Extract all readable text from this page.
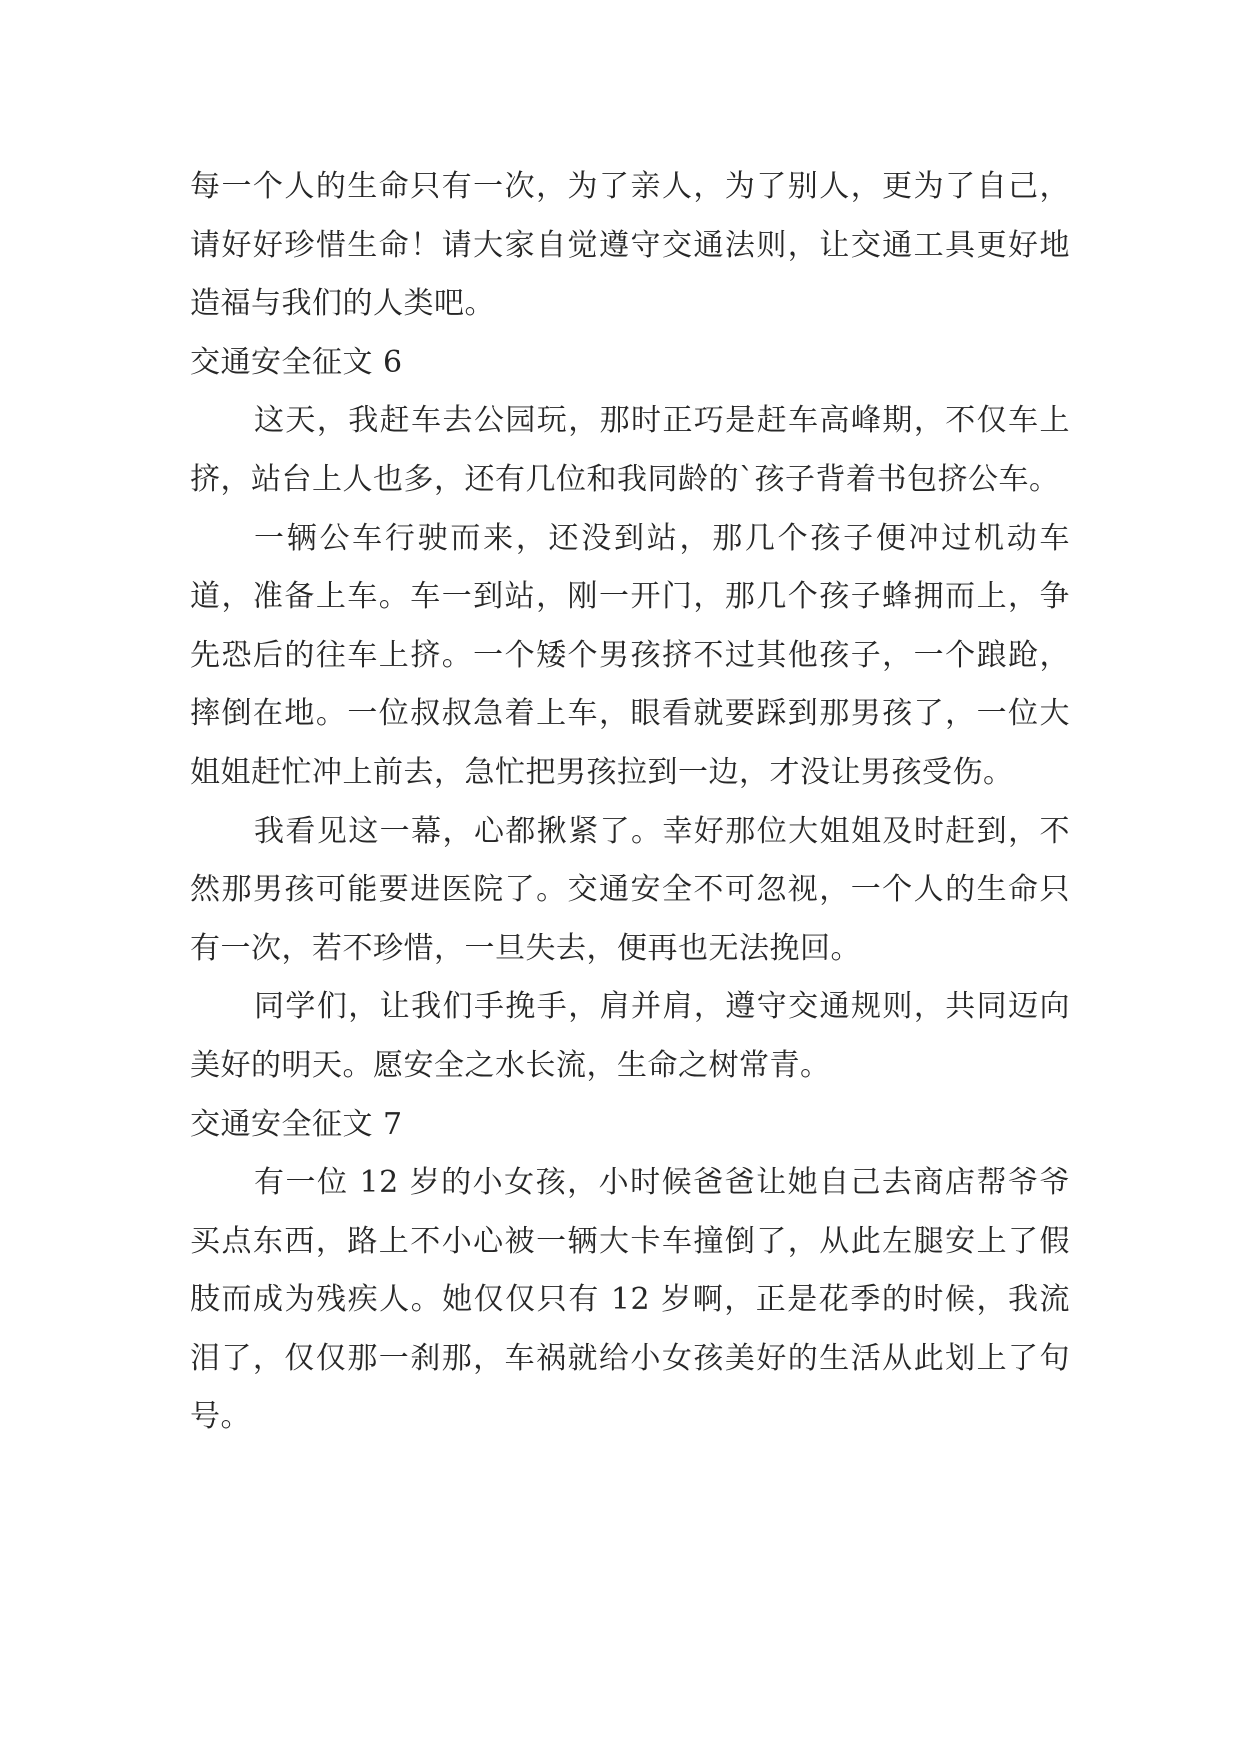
每一个人的生命只有一次，为了亲人，为了别人，更为了自己，请好好珍惜生命！请大家自觉遵守交通法则，让交通工具更好地造福与我们的人类吧。

交通安全征文 6

这天，我赶车去公园玩，那时正巧是赶车高峰期，不仅车上挤，站台上人也多，还有几位和我同龄的`孩子背着书包挤公车。

一辆公车行驶而来，还没到站，那几个孩子便冲过机动车道，准备上车。车一到站，刚一开门，那几个孩子蜂拥而上，争先恐后的往车上挤。一个矮个男孩挤不过其他孩子，一个踉跄，摔倒在地。一位叔叔急着上车，眼看就要踩到那男孩了，一位大姐姐赶忙冲上前去，急忙把男孩拉到一边，才没让男孩受伤。

我看见这一幕，心都揪紧了。幸好那位大姐姐及时赶到，不然那男孩可能要进医院了。交通安全不可忽视，一个人的生命只有一次，若不珍惜，一旦失去，便再也无法挽回。

同学们，让我们手挽手，肩并肩，遵守交通规则，共同迈向美好的明天。愿安全之水长流，生命之树常青。

交通安全征文 7

有一位 12 岁的小女孩，小时候爸爸让她自己去商店帮爷爷买点东西，路上不小心被一辆大卡车撞倒了，从此左腿安上了假肢而成为残疾人。她仅仅只有 12 岁啊，正是花季的时候，我流泪了，仅仅那一刹那，车祸就给小女孩美好的生活从此划上了句号。
